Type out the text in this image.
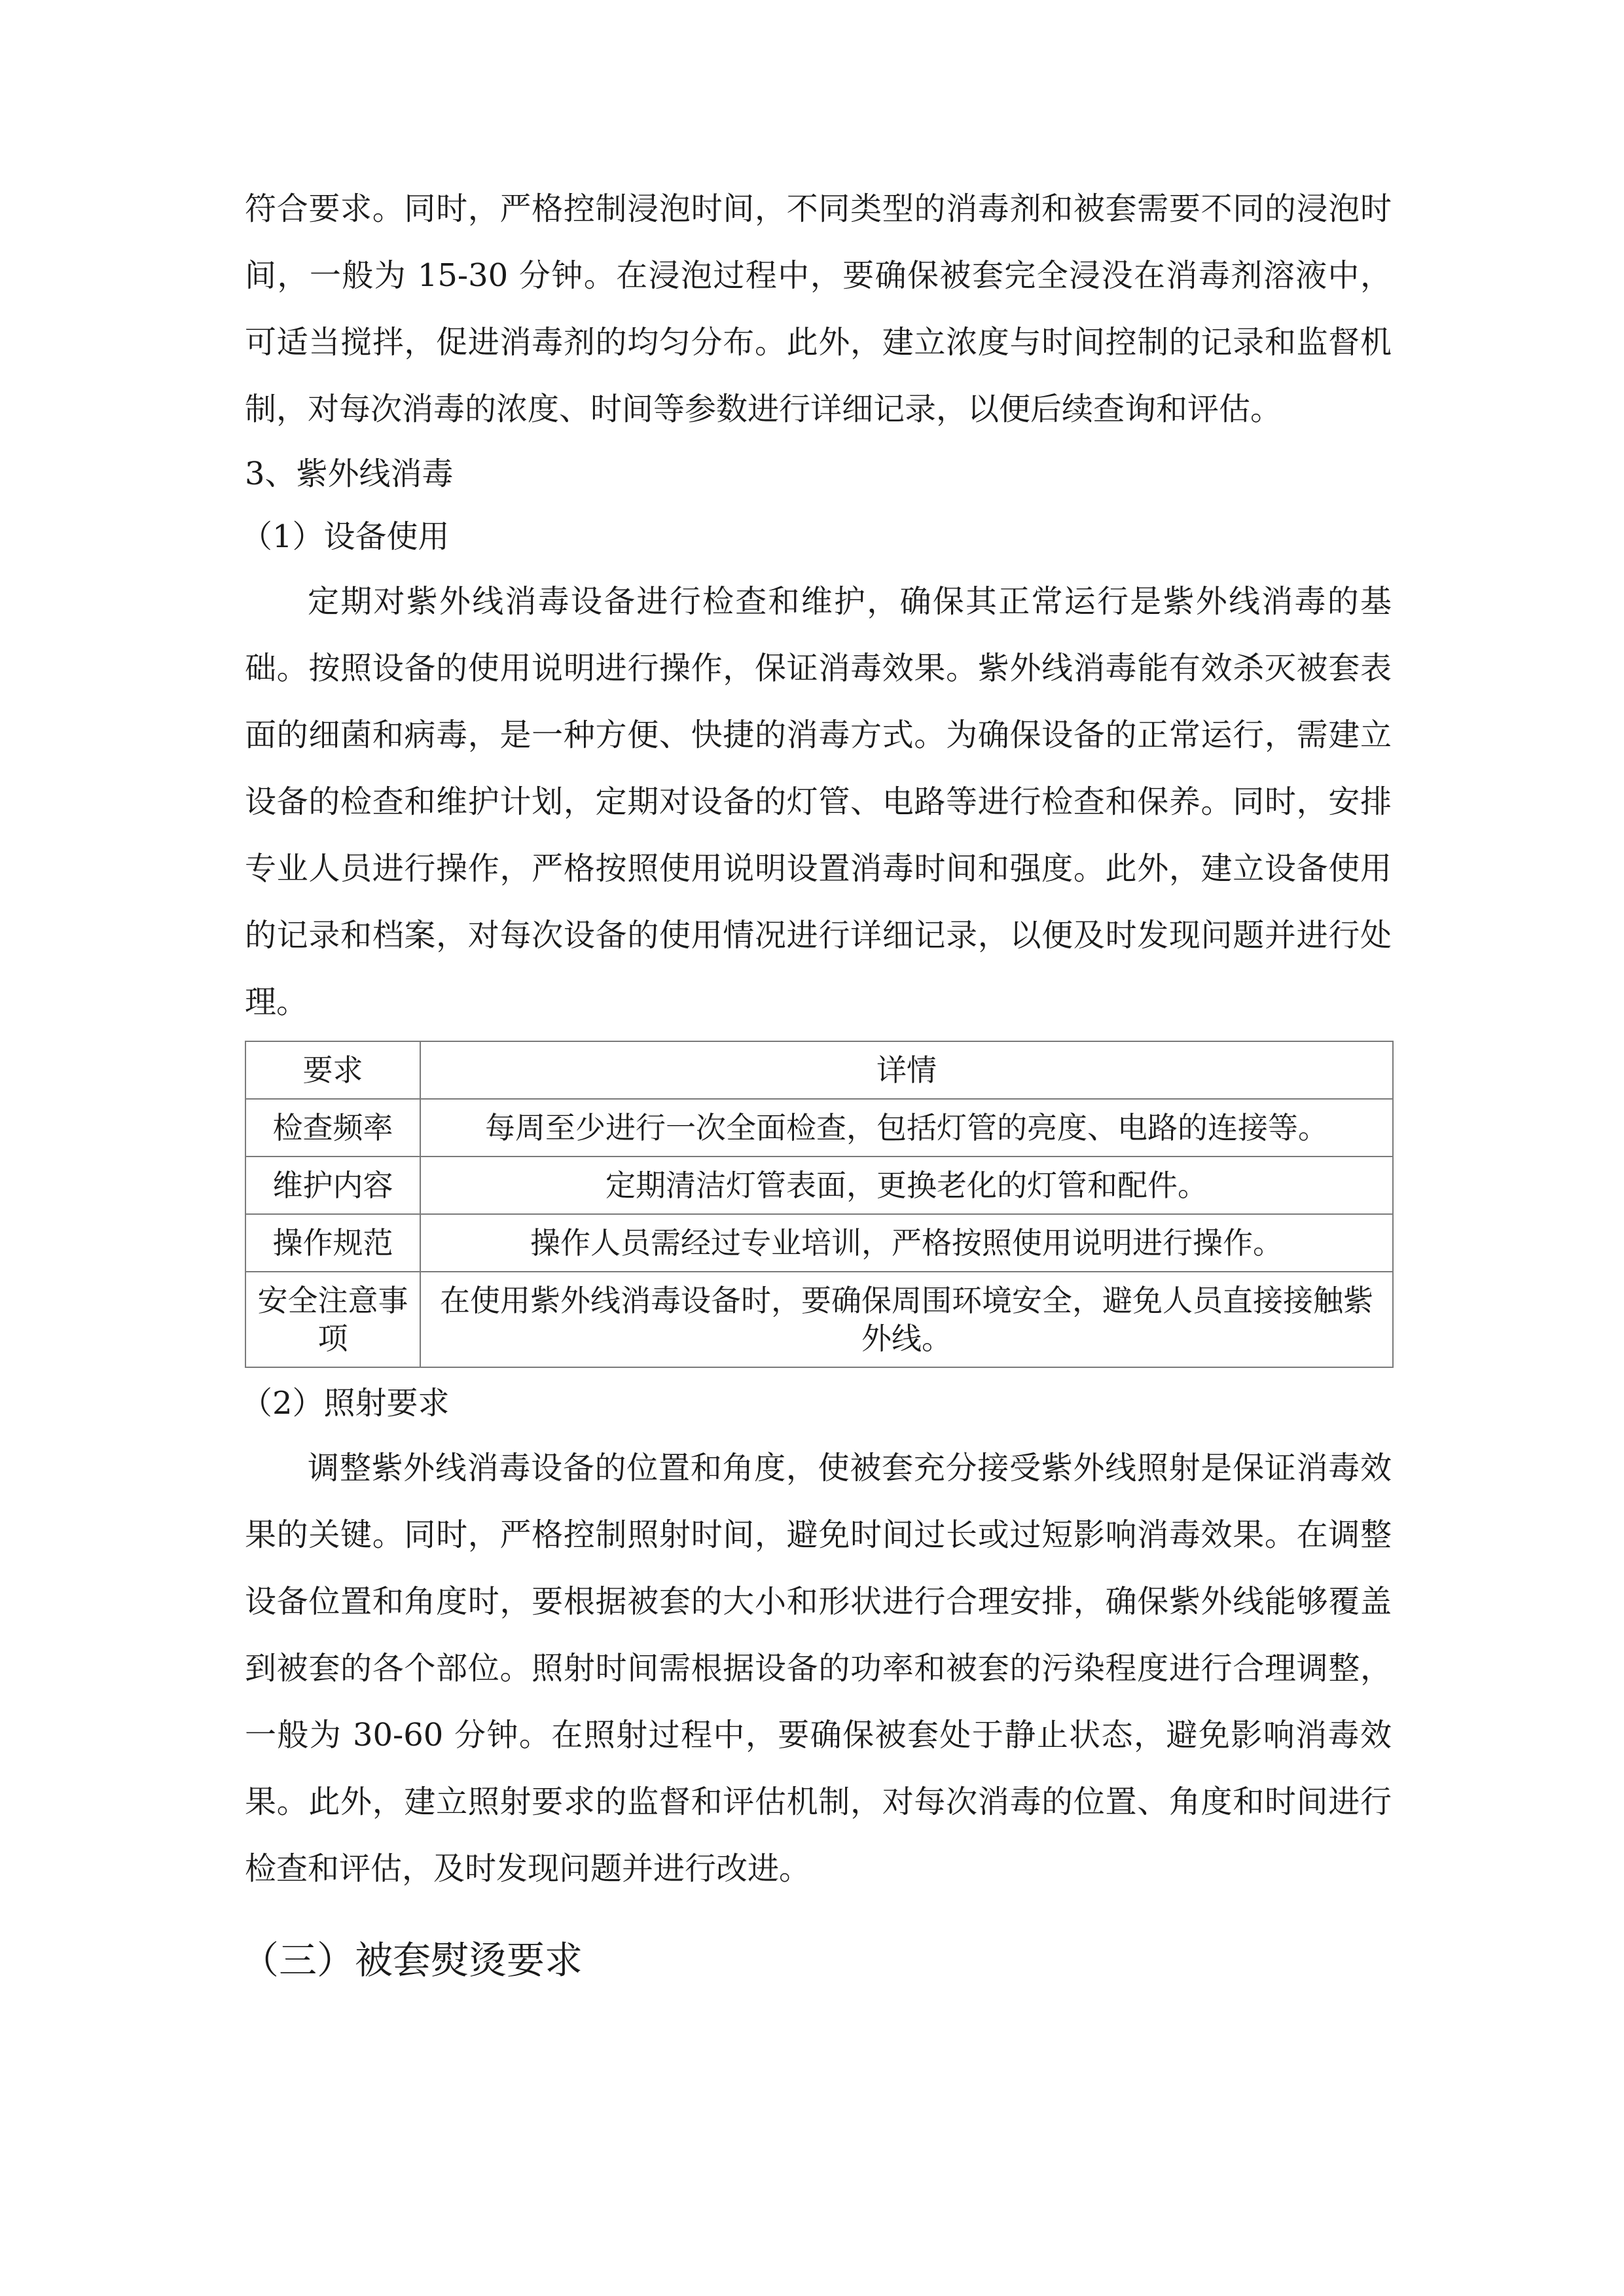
符合要求。同时，严格控制浸泡时间，不同类型的消毒剂和被套需要不同的浸泡时间，一般为 15-30 分钟。在浸泡过程中，要确保被套完全浸没在消毒剂溶液中，可适当搅拌，促进消毒剂的均匀分布。此外，建立浓度与时间控制的记录和监督机制，对每次消毒的浓度、时间等参数进行详细记录，以便后续查询和评估。

3、紫外线消毒

（1）设备使用

定期对紫外线消毒设备进行检查和维护，确保其正常运行是紫外线消毒的基础。按照设备的使用说明进行操作，保证消毒效果。紫外线消毒能有效杀灭被套表面的细菌和病毒，是一种方便、快捷的消毒方式。为确保设备的正常运行，需建立设备的检查和维护计划，定期对设备的灯管、电路等进行检查和保养。同时，安排专业人员进行操作，严格按照使用说明设置消毒时间和强度。此外，建立设备使用的记录和档案，对每次设备的使用情况进行详细记录，以便及时发现问题并进行处理。

要求	详情
检查频率	每周至少进行一次全面检查，包括灯管的亮度、电路的连接等。
维护内容	定期清洁灯管表面，更换老化的灯管和配件。
操作规范	操作人员需经过专业培训，严格按照使用说明进行操作。
安全注意事项	在使用紫外线消毒设备时，要确保周围环境安全，避免人员直接接触紫外线。

（2）照射要求

调整紫外线消毒设备的位置和角度，使被套充分接受紫外线照射是保证消毒效果的关键。同时，严格控制照射时间，避免时间过长或过短影响消毒效果。在调整设备位置和角度时，要根据被套的大小和形状进行合理安排，确保紫外线能够覆盖到被套的各个部位。照射时间需根据设备的功率和被套的污染程度进行合理调整，一般为 30-60 分钟。在照射过程中，要确保被套处于静止状态，避免影响消毒效果。此外，建立照射要求的监督和评估机制，对每次消毒的位置、角度和时间进行检查和评估，及时发现问题并进行改进。

（三）被套熨烫要求
